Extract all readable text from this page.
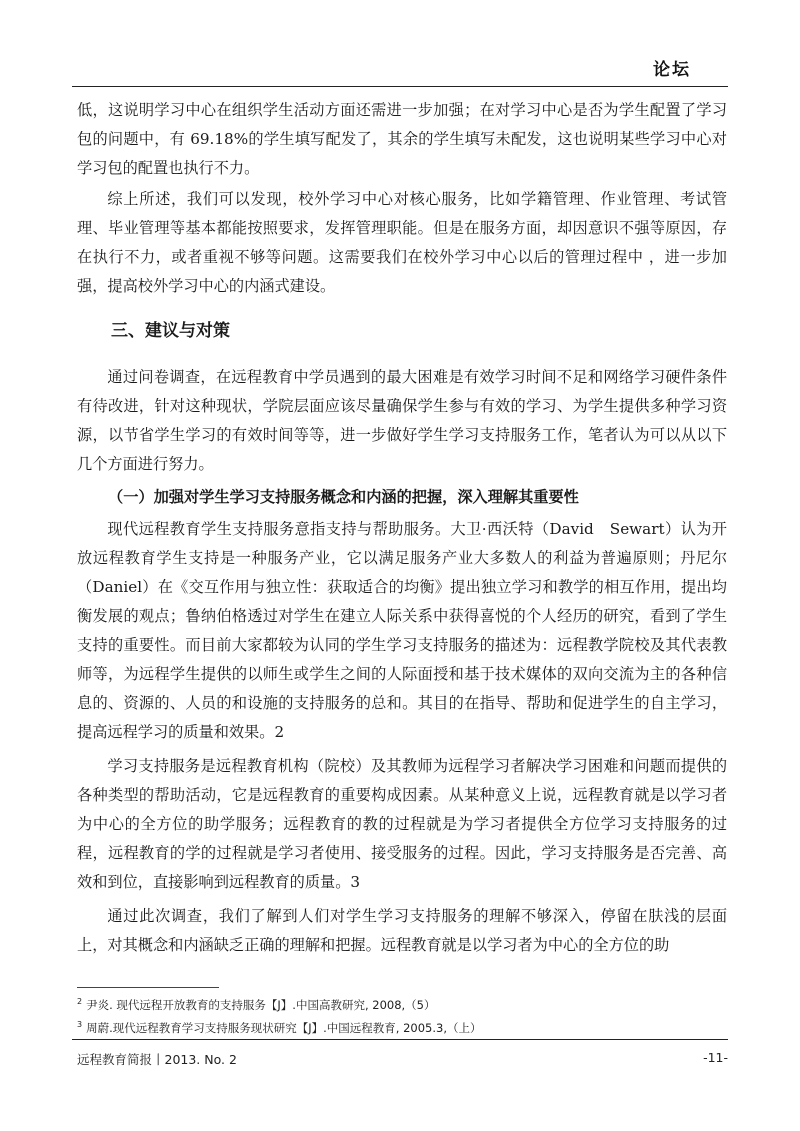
论坛

低，这说明学习中心在组织学生活动方面还需进一步加强；在对学习中心是否为学生配置了学习包的问题中，有 69.18%的学生填写配发了，其余的学生填写未配发，这也说明某些学习中心对学习包的配置也执行不力。

综上所述，我们可以发现，校外学习中心对核心服务，比如学籍管理、作业管理、考试管理、毕业管理等基本都能按照要求，发挥管理职能。但是在服务方面，却因意识不强等原因，存在执行不力，或者重视不够等问题。这需要我们在校外学习中心以后的管理过程中 ，进一步加强，提高校外学习中心的内涵式建设。

三、建议与对策

通过问卷调查，在远程教育中学员遇到的最大困难是有效学习时间不足和网络学习硬件条件有待改进，针对这种现状，学院层面应该尽量确保学生参与有效的学习、为学生提供多种学习资源，以节省学生学习的有效时间等等，进一步做好学生学习支持服务工作，笔者认为可以从以下几个方面进行努力。

（一）加强对学生学习支持服务概念和内涵的把握，深入理解其重要性

现代远程教育学生支持服务意指支持与帮助服务。大卫·西沃特（David　Sewart）认为开放远程教育学生支持是一种服务产业，它以满足服务产业大多数人的利益为普遍原则；丹尼尔（Daniel）在《交互作用与独立性：获取适合的均衡》提出独立学习和教学的相互作用，提出均衡发展的观点；鲁纳伯格透过对学生在建立人际关系中获得喜悦的个人经历的研究，看到了学生支持的重要性。而目前大家都较为认同的学生学习支持服务的描述为：远程教学院校及其代表教师等，为远程学生提供的以师生或学生之间的人际面授和基于技术媒体的双向交流为主的各种信息的、资源的、人员的和设施的支持服务的总和。其目的在指导、帮助和促进学生的自主学习，提高远程学习的质量和效果。2

学习支持服务是远程教育机构（院校）及其教师为远程学习者解决学习困难和问题而提供的各种类型的帮助活动，它是远程教育的重要构成因素。从某种意义上说，远程教育就是以学习者为中心的全方位的助学服务；远程教育的教的过程就是为学习者提供全方位学习支持服务的过程，远程教育的学的过程就是学习者使用、接受服务的过程。因此，学习支持服务是否完善、高效和到位，直接影响到远程教育的质量。3

通过此次调查，我们了解到人们对学生学习支持服务的理解不够深入，停留在肤浅的层面上，对其概念和内涵缺乏正确的理解和把握。远程教育就是以学习者为中心的全方位的助

$^2$ 尹炎. 现代远程开放教育的支持服务【J】.中国高教研究, 2008,（5）
$^3$ 周蔚.现代远程教育学习支持服务现状研究【J】.中国远程教育, 2005.3,（上）
远程教育简报丨2013. No. 2	-11-
